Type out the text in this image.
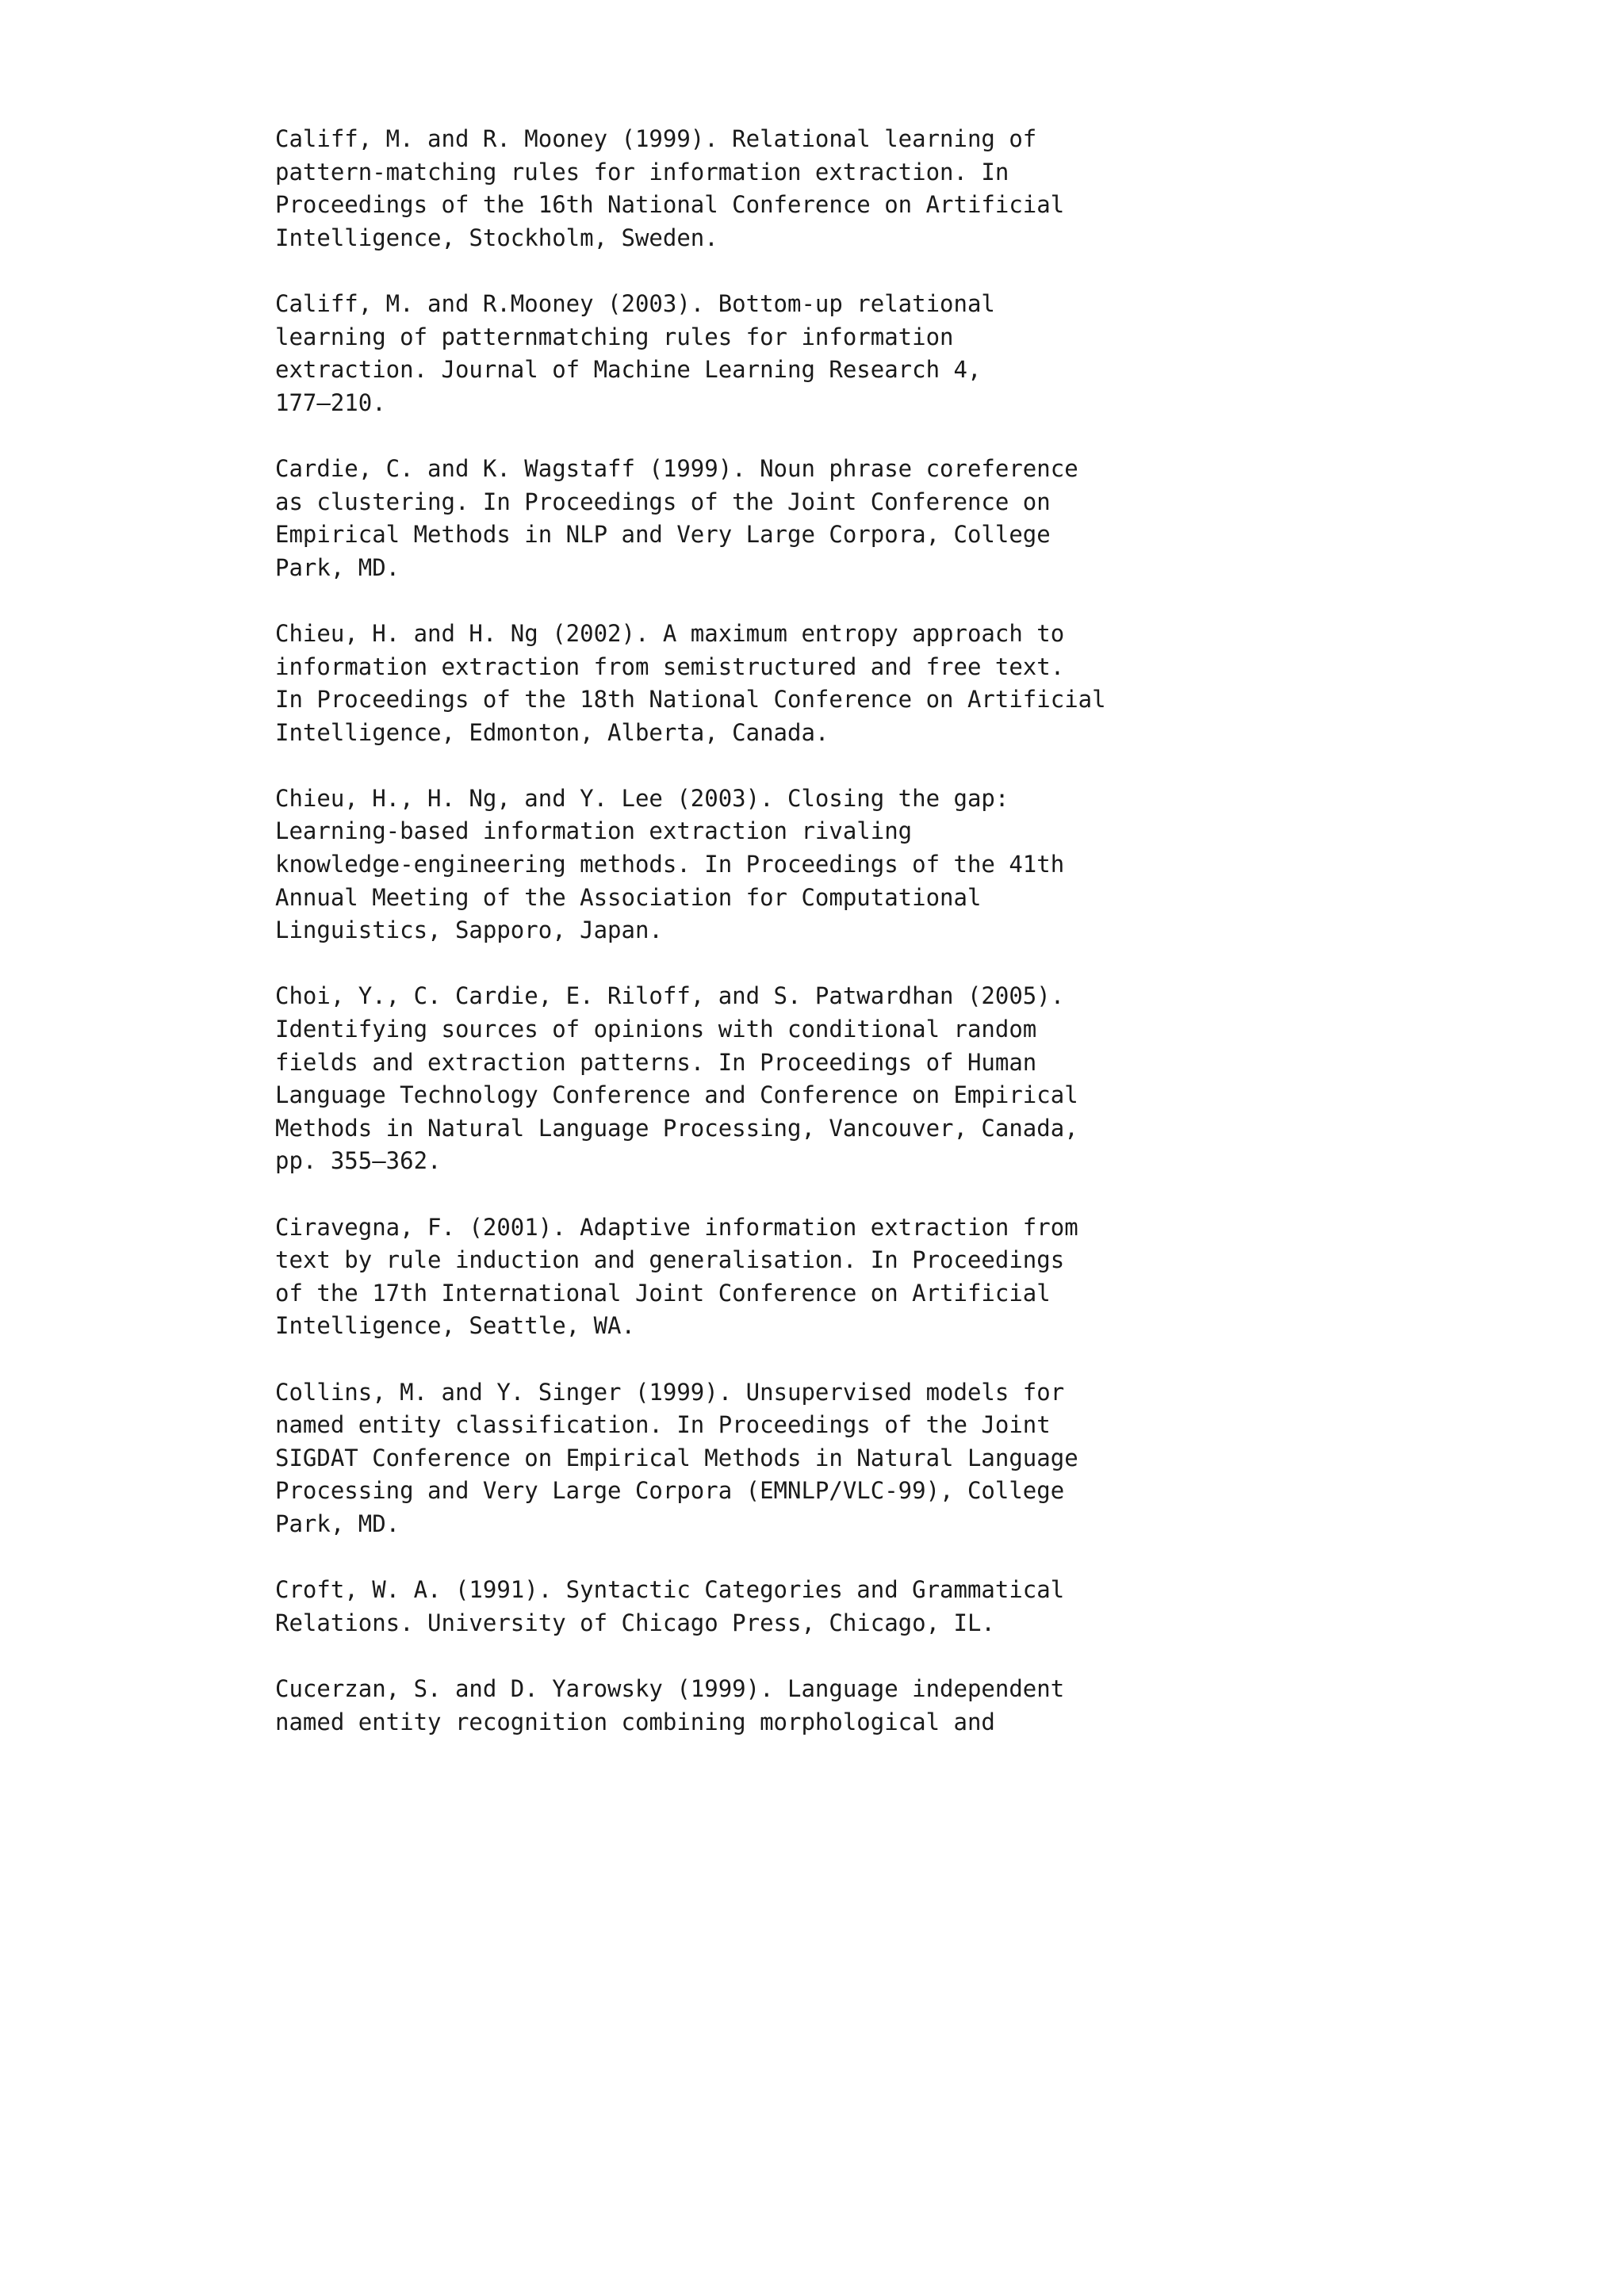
Califf, M. and R. Mooney (1999). Relational learning of
pattern-matching rules for information extraction. In
Proceedings of the 16th National Conference on Artificial
Intelligence, Stockholm, Sweden.
Califf, M. and R.Mooney (2003). Bottom-up relational
learning of patternmatching rules for information
extraction. Journal of Machine Learning Research 4,
177–210.
Cardie, C. and K. Wagstaff (1999). Noun phrase coreference
as clustering. In Proceedings of the Joint Conference on
Empirical Methods in NLP and Very Large Corpora, College
Park, MD.
Chieu, H. and H. Ng (2002). A maximum entropy approach to
information extraction from semistructured and free text.
In Proceedings of the 18th National Conference on Artificial
Intelligence, Edmonton, Alberta, Canada.
Chieu, H., H. Ng, and Y. Lee (2003). Closing the gap:
Learning-based information extraction rivaling
knowledge-engineering methods. In Proceedings of the 41th
Annual Meeting of the Association for Computational
Linguistics, Sapporo, Japan.
Choi, Y., C. Cardie, E. Riloff, and S. Patwardhan (2005).
Identifying sources of opinions with conditional random
fields and extraction patterns. In Proceedings of Human
Language Technology Conference and Conference on Empirical
Methods in Natural Language Processing, Vancouver, Canada,
pp. 355–362.
Ciravegna, F. (2001). Adaptive information extraction from
text by rule induction and generalisation. In Proceedings
of the 17th International Joint Conference on Artificial
Intelligence, Seattle, WA.
Collins, M. and Y. Singer (1999). Unsupervised models for
named entity classification. In Proceedings of the Joint
SIGDAT Conference on Empirical Methods in Natural Language
Processing and Very Large Corpora (EMNLP/VLC-99), College
Park, MD.
Croft, W. A. (1991). Syntactic Categories and Grammatical
Relations. University of Chicago Press, Chicago, IL.
Cucerzan, S. and D. Yarowsky (1999). Language independent
named entity recognition combining morphological and
